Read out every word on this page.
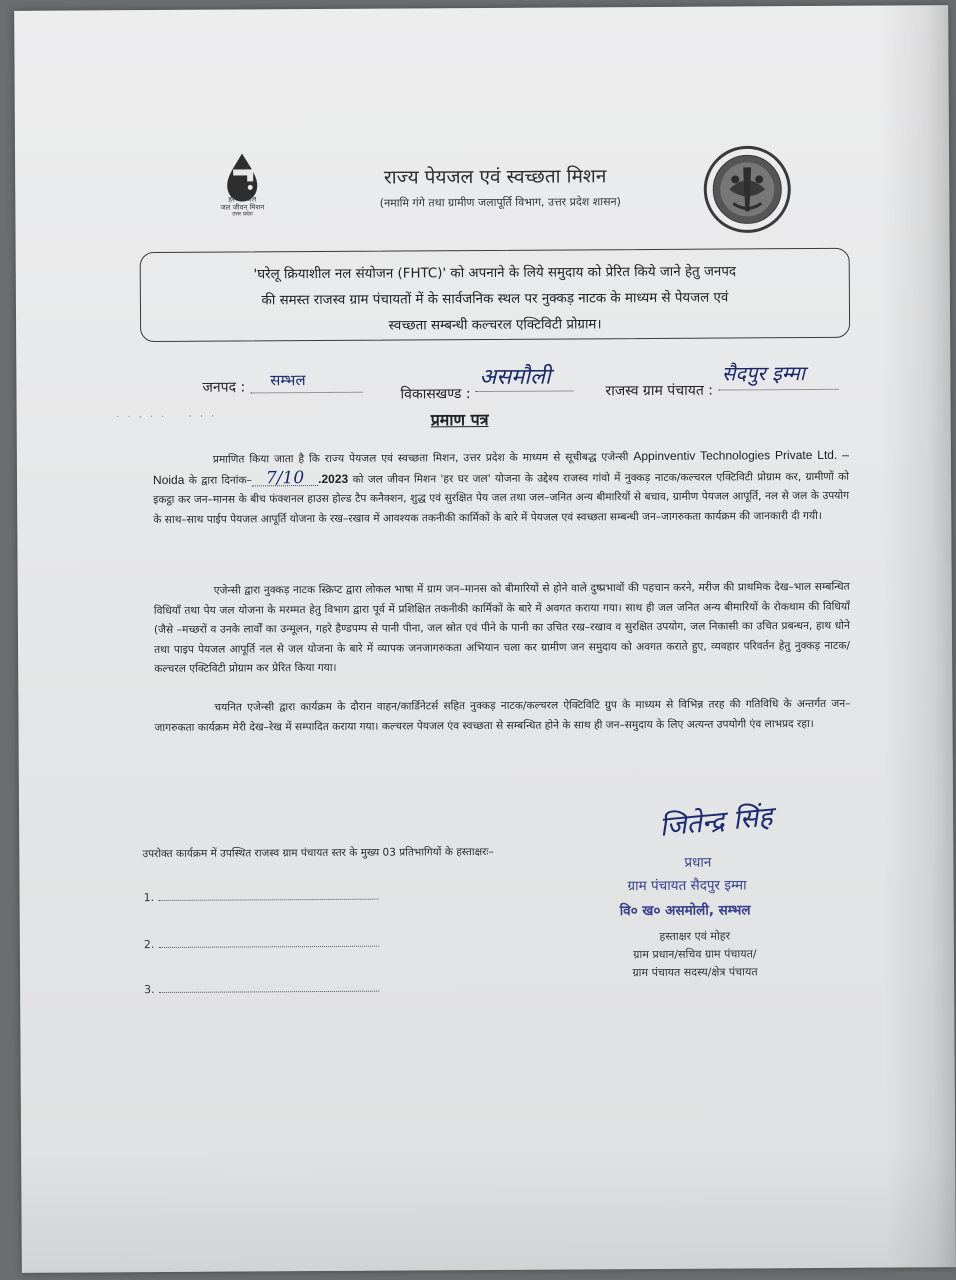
हर घर जल
जल जीवन मिशन
उत्तर प्रदेश
राज्य पेयजल एवं स्वच्छता मिशन
(नमामि गंगे तथा ग्रामीण जलापूर्ति विभाग, उत्तर प्रदेश शासन)
'घरेलू क्रियाशील नल संयोजन (FHTC)' को अपनाने के लिये समुदाय को प्रेरित किये जाने हेतु जनपद
की समस्त राजस्व ग्राम पंचायतों में के सार्वजनिक स्थल पर नुक्कड़ नाटक के माध्यम से पेयजल एवं
स्वच्छता सम्बन्धी कल्चरल एक्टिविटी प्रोग्राम।
जनपद : सम्भल
विकासखण्ड : असमौली
राजस्व ग्राम पंचायत : सैदपुर इम्मा
· · ‐ · ·    · · ·	प्रमाण पत्र
प्रमाणित किया जाता है कि राज्य पेयजल एवं स्वच्छता मिशन, उत्तर प्रदेश के माध्यम से सूचीबद्ध एजेन्सी Appinventiv Technologies Private Ltd. – Noida के द्वारा दिनांक– 7/10 .2023 को जल जीवन मिशन 'हर घर जल' योजना के उद्देश्य राजस्व गांवो में नुक्कड़ नाटक/कल्चरल एक्टिविटी प्रोग्राम कर, ग्रामीणों को इकट्ठा कर जन–मानस के बीच फंक्शनल हाउस होल्ड टैप कनैक्शन, शुद्ध एवं सुरक्षित पेय जल तथा जल–जनित अन्य बीमारियों से बचाव, ग्रामीण पेयजल आपूर्ति, नल से जल के उपयोग के साथ–साथ पाईप पेयजल आपूर्ति योजना के रख–रखाव में आवश्यक तकनीकी कार्मिकों के बारे में पेयजल एवं स्वच्छता सम्बन्धी जन–जागरुकता कार्यक्रम की जानकारी दी गयी।
एजेन्सी द्वारा नुक्कड़ नाटक स्क्रिप्ट द्वारा लोकल भाषा में ग्राम जन–मानस को बीमारियों से होने वाले दुष्प्रभावों की पहचान करने, मरीज की प्राथमिक देख–भाल सम्बन्धित विधियॉं तथा पेय जल योजना के मरम्मत हेतु विभाग द्वारा पूर्व में प्रशिक्षित तकनीकी कार्मिकों के बारे में अवगत कराया गया। साथ ही जल जनित अन्य बीमारियों के रोकथाम की विधियॉं (जैसे –मच्छरों व उनके लार्वों का उन्मूलन, गहरे हैण्डपम्प से पानी पीना, जल स्रोत एवं पीने के पानी का उचित रख–रखाव व सुरक्षित उपयोग, जल निकासी का उचित प्रबन्धन, हाथ धोने तथा पाइप पेयजल आपूर्ति नल से जल योजना के बारे में व्यापक जनजागरुकता अभियान चला कर ग्रामीण जन समुदाय को अवगत कराते हुए, व्यवहार परिवर्तन हेतु नुक्कड़ नाटक/कल्चरल एक्टिविटी प्रोग्राम कर प्रेरित किया गया।
चयनित एजेन्सी द्वारा कार्यक्रम के दौरान वाहन/कार्डिनेटर्स सहित नुक्कड़ नाटक/कल्चरल ऐक्टिविटि ग्रुप के माध्यम से विभिन्न तरह की गतिविधि के अन्तर्गत जन–जागरुकता कार्यक्रम मेरी देख–रेख में सम्पादित कराया गया। कल्चरल पेयजल एंव स्वच्छता से सम्बन्धित होने के साथ ही जन–समुदाय के लिए अत्यन्त उपयोगी एंव लाभप्रद रहा।
उपरोक्त कार्यक्रम में उपस्थित राजस्व ग्राम पंचायत स्तर के मुख्य 03 प्रतिभागियों के हस्ताक्षरः–
1.
2.
3.
जितेन्द्र सिंह
प्रधान
ग्राम पंचायत सैदपुर इम्मा
वि० ख० असमोली, सम्भल
हस्ताक्षर एवं मोहर
ग्राम प्रधान/सचिव ग्राम पंचायत/
ग्राम पंचायत सदस्य/क्षेत्र पंचायत
